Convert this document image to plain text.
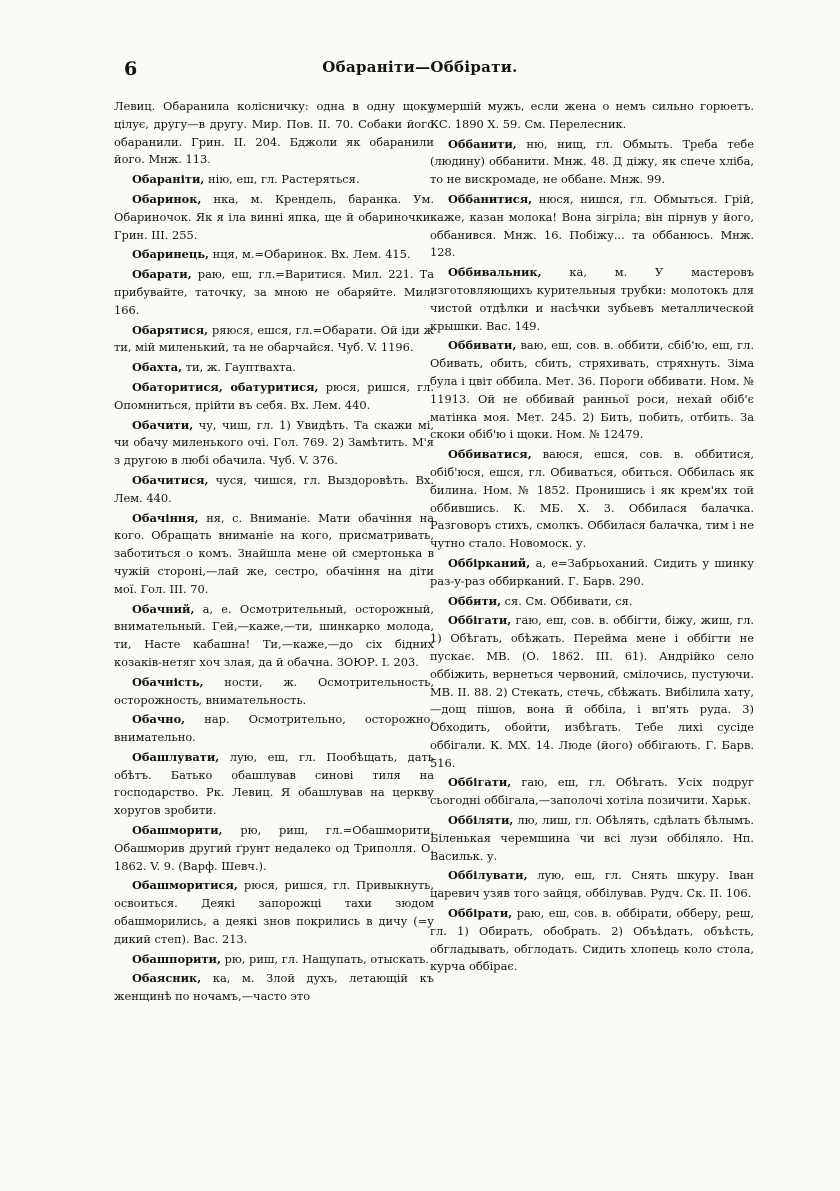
6	Обараніти—Оббірати.

Левиц. Обаранила колісничку: одна в одну щоку цілує, другу—в другу. Мир. Пов. II. 70. Собаки його обаранили. Грин. II. 204. Бджоли як обаранили його. Мнж. 113.

Обараніти, нію, еш, гл. Растеряться.

Обаринок, нка, м. Крендель, баранка. Ум. Обариночок. Як я іла винні япка, ще й обариночки. Грин. III. 255.

Обаринець, нця, м.=Обаринок. Вх. Лем. 415.

Обарати, раю, еш, гл.=Варитися. Мил. 221. Та прибувайте, таточку, за мною не обаряйте. Мил. 166.

Обарятися, ряюся, ешся, гл.=Обарати. Ой іди ж ти, мій миленький, та не обарчайся. Чуб. V. 1196.

Обахта, ти, ж. Гауптвахта.

Обаторитися, обатуритися, рюся, ришся, гл. Опомниться, прійти въ себя. Вх. Лем. 440.

Обачити, чу, чиш, гл. 1) Увидѣть. Та скажи мі, чи обачу миленького очі. Гол. 769. 2) Замѣтить. М'я з другою в любі обачила. Чуб. V. 376.

Обачитися, чуся, чишся, гл. Выздоровѣть. Вх. Лем. 440.

Обачіння, ня, с. Вниманіе. Мати обачіння на кого. Обращать вниманіе на кого, присматривать, заботиться о комъ. Знайшла мене ой смертонька в чужій стороні,—лай же, сестро, обачіння на діти мої. Гол. III. 70.

Обачний, а, е. Осмотрительный, осторожный, внимательный. Гей,—каже,—ти, шинкарко молода, ти, Насте кабашна! Ти,—каже,—до сіх бідних козаків-нетяг хоч злая, да й обачна. ЗОЮР. I. 203.

Обачність, ности, ж. Осмотрительность, осторожность, внимательность.

Обачно, нар. Осмотрительно, осторожно, внимательно.

Обашлувати, лую, еш, гл. Пообѣщать, дать обѣтъ. Батько обашлував синові тиля на господарство. Рк. Левиц. Я обашлував на церкву хоругов зробити.

Обашморити, рю, риш, гл.=Обашморити. Обашморив другий ґрунт недалеко од Триполля. О. 1862. V. 9. (Варф. Шевч.).

Обашморитися, рюся, ришся, гл. Привыкнуть, освоиться. Деякі запорожці тахи зюдом обашморились, а деякі знов покрились в дичу (=у дикий степ). Вас. 213.

Обашпорити, рю, риш, гл. Нащупать, отыскать.

Обаясник, ка, м. Злой духъ, летающій къ женщинѣ по ночамъ,—часто это

умершій мужъ, если жена о немъ сильно горюетъ. КС. 1890 X. 59. См. Перелесник.

Оббанити, ню, нищ, гл. Обмыть. Треба тебе (людину) оббанити. Мнж. 48. Д діжу, як спече хліба, то не вискромаде, не оббане. Мнж. 99.

Оббанитися, нюся, нишся, гл. Обмыться. Грій, каже, казан молока! Вона зігріла; він пірнув у його, оббанився. Мнж. 16. Побіжу... та оббанюсь. Мнж. 128.

Оббивальник, ка, м. У мастеровъ изготовляющихъ курительныя трубки: молотокъ для чистой отдѣлки и насѣчки зубьевъ металлической крышки. Вас. 149.

Оббивати, ваю, еш, сов. в. оббити, сбіб'ю, еш, гл. Обивать, обить, сбить, стряхивать, стряхнуть. Зіма була і цвіт оббила. Мет. 36. Пороги оббивати. Ном. № 11913. Ой не оббивай ранньої роси, нехай обіб'є матінка моя. Мет. 245. 2) Бить, побить, отбить. За скоки обіб'ю і щоки. Ном. № 12479.

Оббиватися, ваюся, ешся, сов. в. оббитися, обіб'юся, ешся, гл. Обиваться, обиться. Оббилась як билина. Ном. № 1852. Пронишись і як крем'ях той оббившись. К. МБ. X. 3. Оббилася балачка. Разговоръ стихъ, смолкъ. Оббилася балачка, тим і не чутно стало. Новомоск. у.

Оббірканий, а, е=Забрьоханий. Сидить у шинку раз-у-раз оббирканий. Г. Барв. 290.

Оббити, ся. См. Оббивати, ся.

Оббігати, гаю, еш, сов. в. оббігти, біжу, жиш, гл. 1) Обѣгать, обѣжать. Перейма мене і оббігти не пускає. МВ. (О. 1862. III. 61). Андрійко село оббіжить, вернеться червоний, смілочись, пустуючи. МВ. II. 88. 2) Стекать, стечь, сбѣжать. Вибілила хату,—дощ пішов, вона й оббіла, і вп'ять руда. 3) Обходить, обойти, избѣгать. Тебе лихі сусіде оббігали. К. МХ. 14. Люде (його) оббігають. Г. Барв. 516.

Оббігати, гаю, еш, гл. Обѣгать. Усіх подруг сьогодні оббігала,—заполочі хотіла позичити. Харьк.

Оббіляти, лю, лиш, гл. Обѣлять, сдѣлать бѣлымъ. Біленькая черемшина чи всі лузи оббіляло. Нп. Васильк. у.

Оббілувати, лую, еш, гл. Снять шкуру. Іван царевич узяв того зайця, оббілував. Рудч. Ск. II. 106.

Оббірати, раю, еш, сов. в. оббірати, обберу, реш, гл. 1) Обирать, обобрать. 2) Объѣдать, объѣсть, обгладывать, обглодать. Сидить хлопець коло стола, курча оббірає.
